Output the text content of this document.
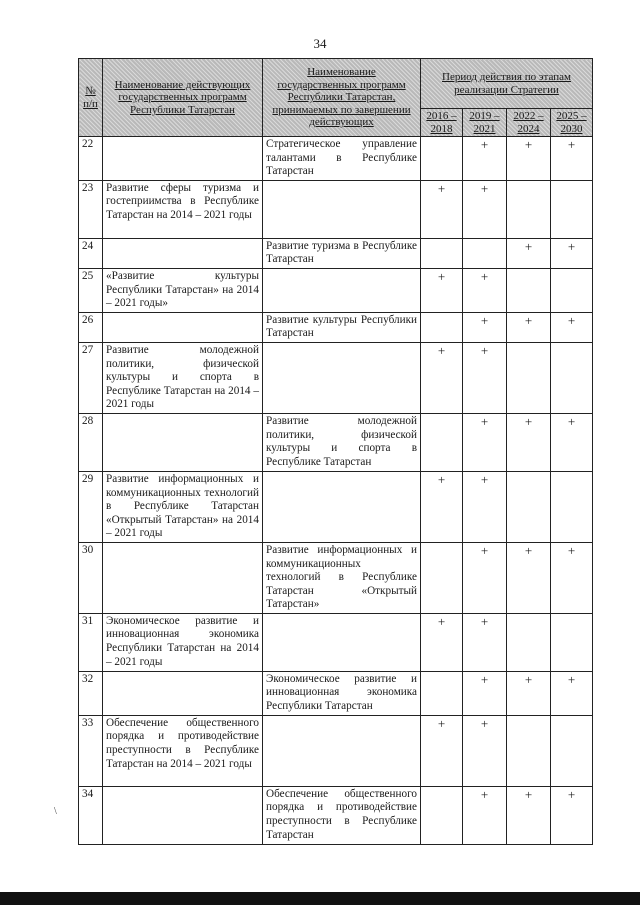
34
№ п/п	Наименование действующих государственных программ Республики Татарстан	Наименование государственных программ Республики Татарстан, принимаемых по завершении действующих	Период действия по этапам реализации Стратегии			
			2016 – 2018	2019 – 2021	2022 – 2024	2025 – 2030
22		Стратегическое управление талантами в Республике Татарстан		+	+	+
23	Развитие сферы туризма и гостеприимства в Республике Татарстан на 2014 – 2021 годы		+	+		
24		Развитие туризма в Республике Татарстан			+	+
25	«Развитие культуры Республики Татарстан» на 2014 – 2021 годы»		+	+		
26		Развитие культуры Республики Татарстан		+	+	+
27	Развитие молодежной политики, физической культуры и спорта в Республике Татарстан на 2014 – 2021 годы		+	+		
28		Развитие молодежной политики, физической культуры и спорта в Республике Татарстан		+	+	+
29	Развитие информационных и коммуникационных технологий в Республике Татарстан «Открытый Татарстан» на 2014 – 2021 годы		+	+		
30		Развитие информационных и коммуникационных технологий в Республике Татарстан «Открытый Татарстан»		+	+	+
31	Экономическое развитие и инновационная экономика Республики Татарстан на 2014 – 2021 годы		+	+		
32		Экономическое развитие и инновационная экономика Республики Татарстан		+	+	+
33	Обеспечение общественного порядка и противодействие преступности в Республике Татарстан на 2014 – 2021 годы		+	+		
34		Обеспечение общественного порядка и противодействие преступности в Республике Татарстан		+	+	+
\
